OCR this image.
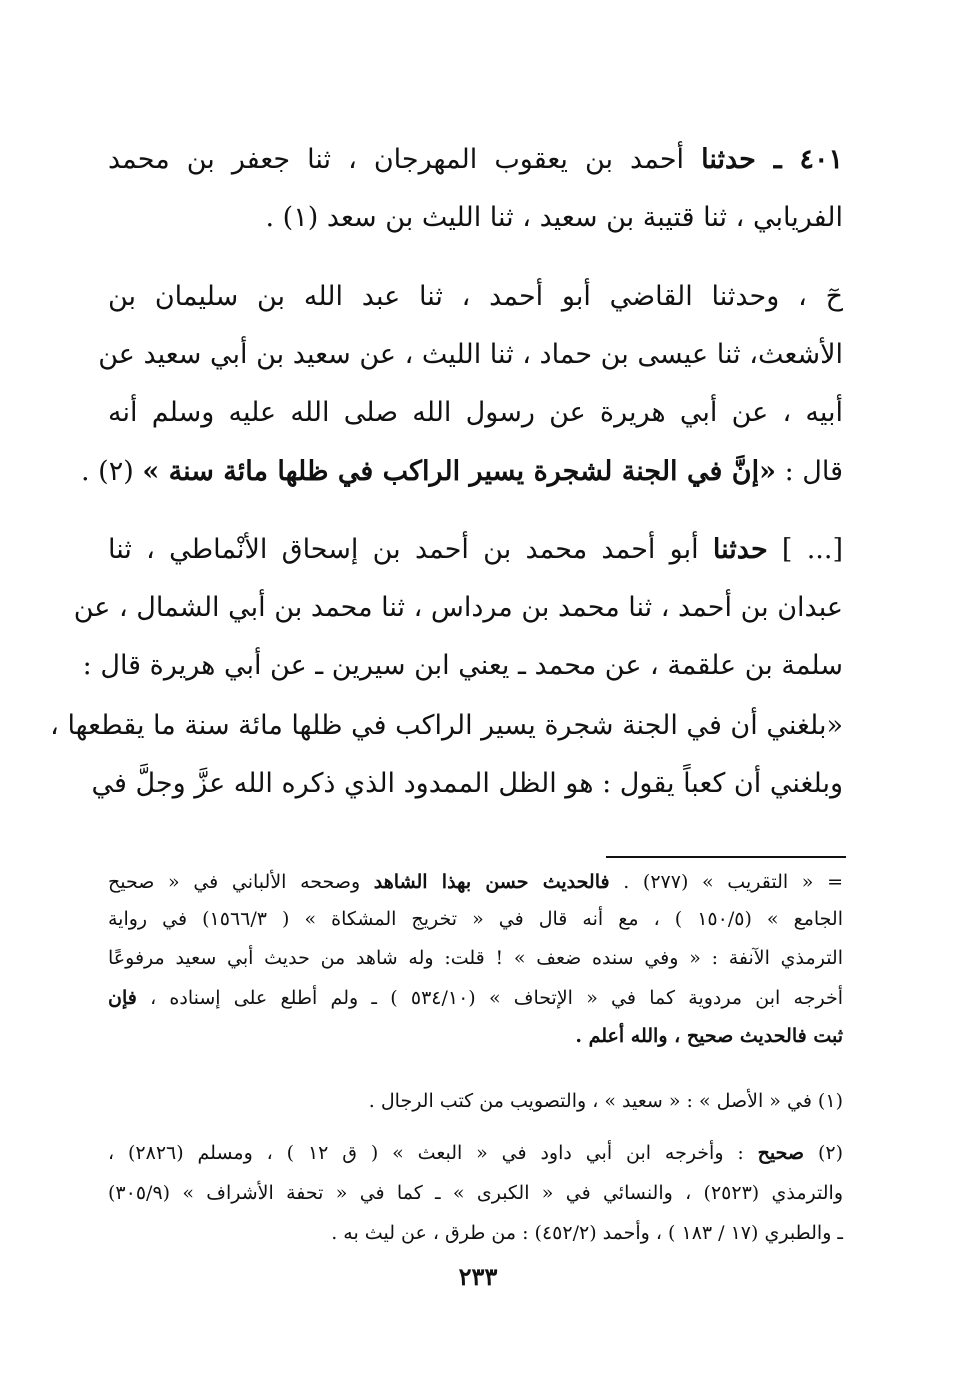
٤٠١ ـ حدثنا أحمد بن يعقوب المهرجان ، ثنا جعفر بن محمد
الفريابي ، ثنا قتيبة بن سعيد ، ثنا الليث بن سعد (١) .
حٓ ، وحدثنا القاضي أبو أحمد ، ثنا عبد الله بن سليمان بن
الأشعث، ثنا عيسى بن حماد ، ثنا الليث ، عن سعيد بن أبي سعيد عن
أبيه ، عن أبي هريرة عن رسول الله صلى الله عليه وسلم أنه
قال : «إنَّ في الجنة لشجرة يسير الراكب في ظلها مائة سنة » (٢) .
[... ] حدثنا أبو أحمد محمد بن أحمد بن إسحاق الأنْماطي ، ثنا
عبدان بن أحمد ، ثنا محمد بن مرداس ، ثنا محمد بن أبي الشمال ، عن
سلمة بن علقمة ، عن محمد ـ يعني ابن سيرين ـ عن أبي هريرة قال :
«بلغني أن في الجنة شجرة يسير الراكب في ظلها مائة سنة ما يقطعها ،
وبلغني أن كعباً يقول : هو الظل الممدود الذي ذكره الله عزَّ وجلَّ في
= « التقريب » (٢٧٧) . فالحديث حسن بهذا الشاهد وصححه الألباني في « صحيح
الجامع » (١٥٠/٥ ) ، مع أنه قال في « تخريج المشكاة » ( ١٥٦٦/٣) في رواية
الترمذي الآنفة : « وفي سنده ضعف » ! قلت: وله شاهد من حديث أبي سعيد مرفوعًا
أخرجه ابن مردوية كما في « الإتحاف » (٥٣٤/١٠ ) ـ ولم أطلع على إسناده ، فإن
ثبت فالحديث صحيح ، والله أعلم .
(١) في « الأصل » : « سعيد » ، والتصويب من كتب الرجال .
(٢) صحيح : وأخرجه ابن أبي داود في « البعث » ( ق ١٢ ) ، ومسلم (٢٨٢٦) ،
والترمذي (٢٥٢٣) ، والنسائي في « الكبرى » ـ كما في « تحفة الأشراف » (٣٠٥/٩)
ـ والطبري (١٧ / ١٨٣ ) ، وأحمد (٤٥٢/٢) : من طرق ، عن ليث به .
٢٣٣
